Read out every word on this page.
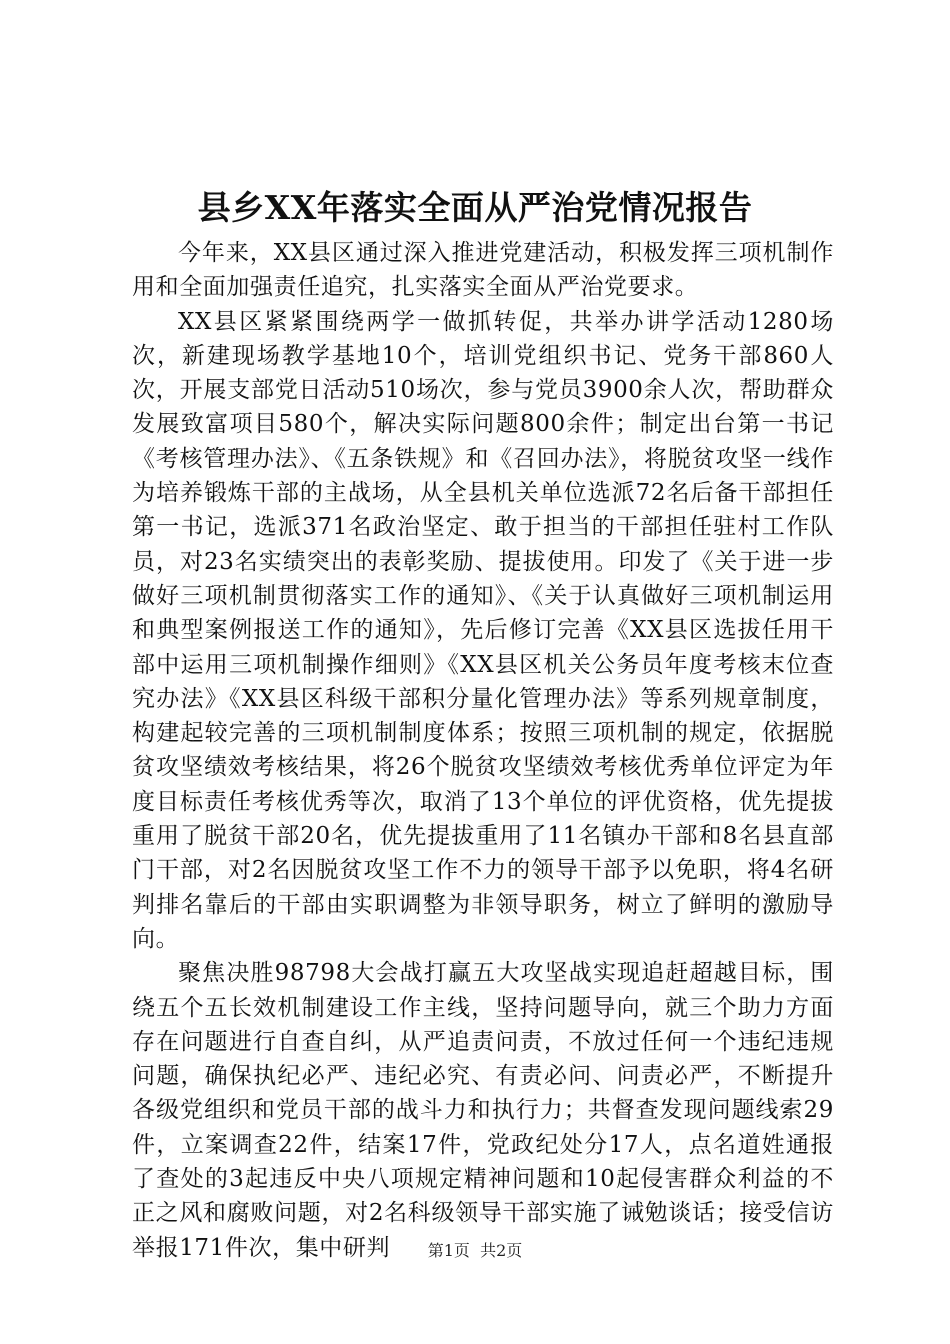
县乡XX年落实全面从严治党情况报告

今年来，XX县区通过深入推进党建活动，积极发挥三项机制作用和全面加强责任追究，扎实落实全面从严治党要求。

XX县区紧紧围绕两学一做抓转促，共举办讲学活动1280场次，新建现场教学基地10个，培训党组织书记、党务干部860人次，开展支部党日活动510场次，参与党员3900余人次，帮助群众发展致富项目580个，解决实际问题800余件；制定出台第一书记《考核管理办法》、《五条铁规》和《召回办法》，将脱贫攻坚一线作为培养锻炼干部的主战场，从全县机关单位选派72名后备干部担任第一书记，选派371名政治坚定、敢于担当的干部担任驻村工作队员，对23名实绩突出的表彰奖励、提拔使用。印发了《关于进一步做好三项机制贯彻落实工作的通知》、《关于认真做好三项机制运用和典型案例报送工作的通知》，先后修订完善《XX县区选拔任用干部中运用三项机制操作细则》《XX县区机关公务员年度考核末位查究办法》《XX县区科级干部积分量化管理办法》等系列规章制度，构建起较完善的三项机制制度体系；按照三项机制的规定，依据脱贫攻坚绩效考核结果，将26个脱贫攻坚绩效考核优秀单位评定为年度目标责任考核优秀等次，取消了13个单位的评优资格，优先提拔重用了脱贫干部20名，优先提拔重用了11名镇办干部和8名县直部门干部，对2名因脱贫攻坚工作不力的领导干部予以免职，将4名研判排名靠后的干部由实职调整为非领导职务，树立了鲜明的激励导向。

聚焦决胜98798大会战打赢五大攻坚战实现追赶超越目标，围绕五个五长效机制建设工作主线，坚持问题导向，就三个助力方面存在问题进行自查自纠，从严追责问责，不放过任何一个违纪违规问题，确保执纪必严、违纪必究、有责必问、问责必严，不断提升各级党组织和党员干部的战斗力和执行力；共督查发现问题线索29件，立案调查22件，结案17件，党政纪处分17人，点名道姓通报了查处的3起违反中央八项规定精神问题和10起侵害群众利益的不正之风和腐败问题，对2名科级领导干部实施了诫勉谈话；接受信访举报171件次，集中研判	第1页  共2页
